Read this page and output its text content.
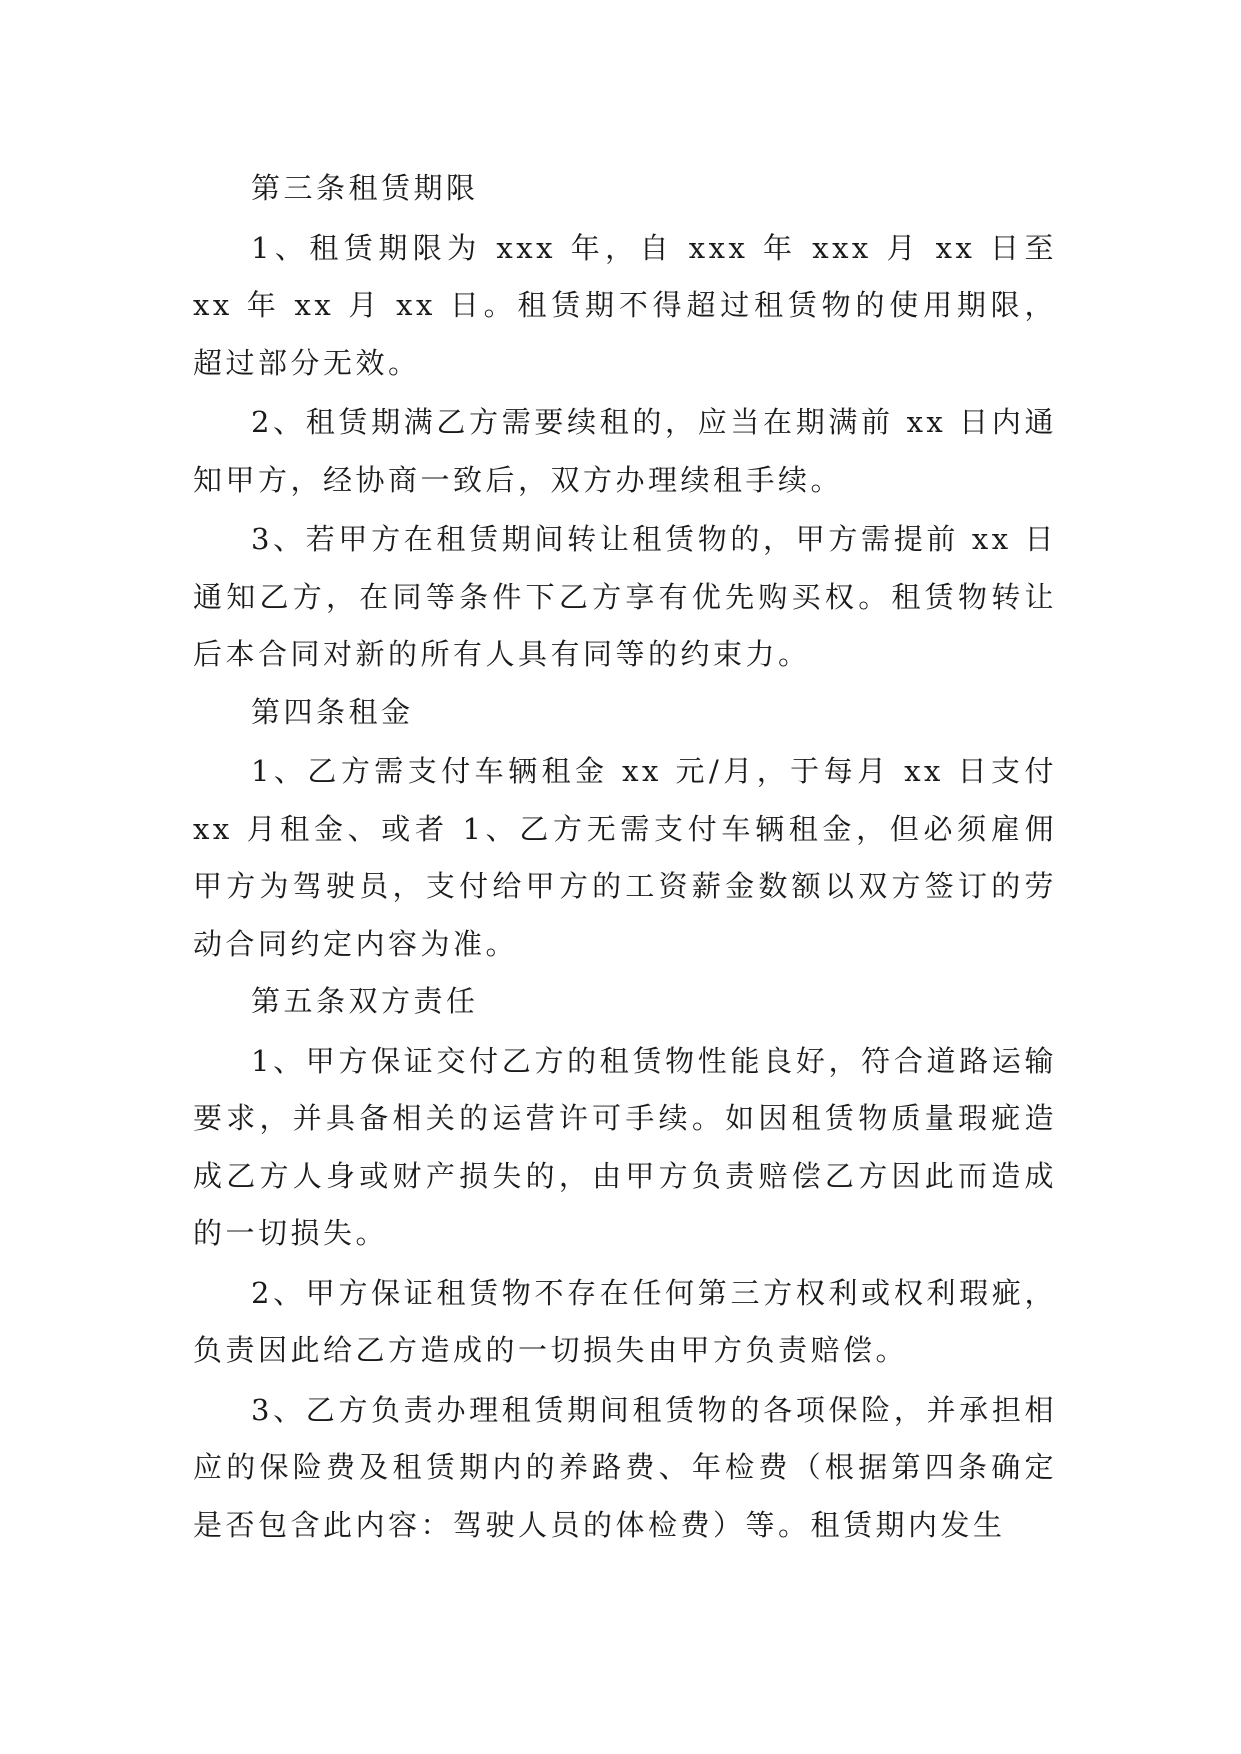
第三条租赁期限

1、租赁期限为 xxx 年，自 xxx 年 xxx 月 xx 日至 xx 年 xx 月 xx 日。租赁期不得超过租赁物的使用期限，超过部分无效。

2、租赁期满乙方需要续租的，应当在期满前 xx 日内通知甲方，经协商一致后，双方办理续租手续。

3、若甲方在租赁期间转让租赁物的，甲方需提前 xx 日通知乙方，在同等条件下乙方享有优先购买权。租赁物转让后本合同对新的所有人具有同等的约束力。

第四条租金

1、乙方需支付车辆租金 xx 元/月，于每月 xx 日支付 xx 月租金、或者 1、乙方无需支付车辆租金，但必须雇佣甲方为驾驶员，支付给甲方的工资薪金数额以双方签订的劳动合同约定内容为准。

第五条双方责任

1、甲方保证交付乙方的租赁物性能良好，符合道路运输要求，并具备相关的运营许可手续。如因租赁物质量瑕疵造成乙方人身或财产损失的，由甲方负责赔偿乙方因此而造成的一切损失。

2、甲方保证租赁物不存在任何第三方权利或权利瑕疵，负责因此给乙方造成的一切损失由甲方负责赔偿。

3、乙方负责办理租赁期间租赁物的各项保险，并承担相应的保险费及租赁期内的养路费、年检费（根据第四条确定是否包含此内容：驾驶人员的体检费）等。租赁期内发生
